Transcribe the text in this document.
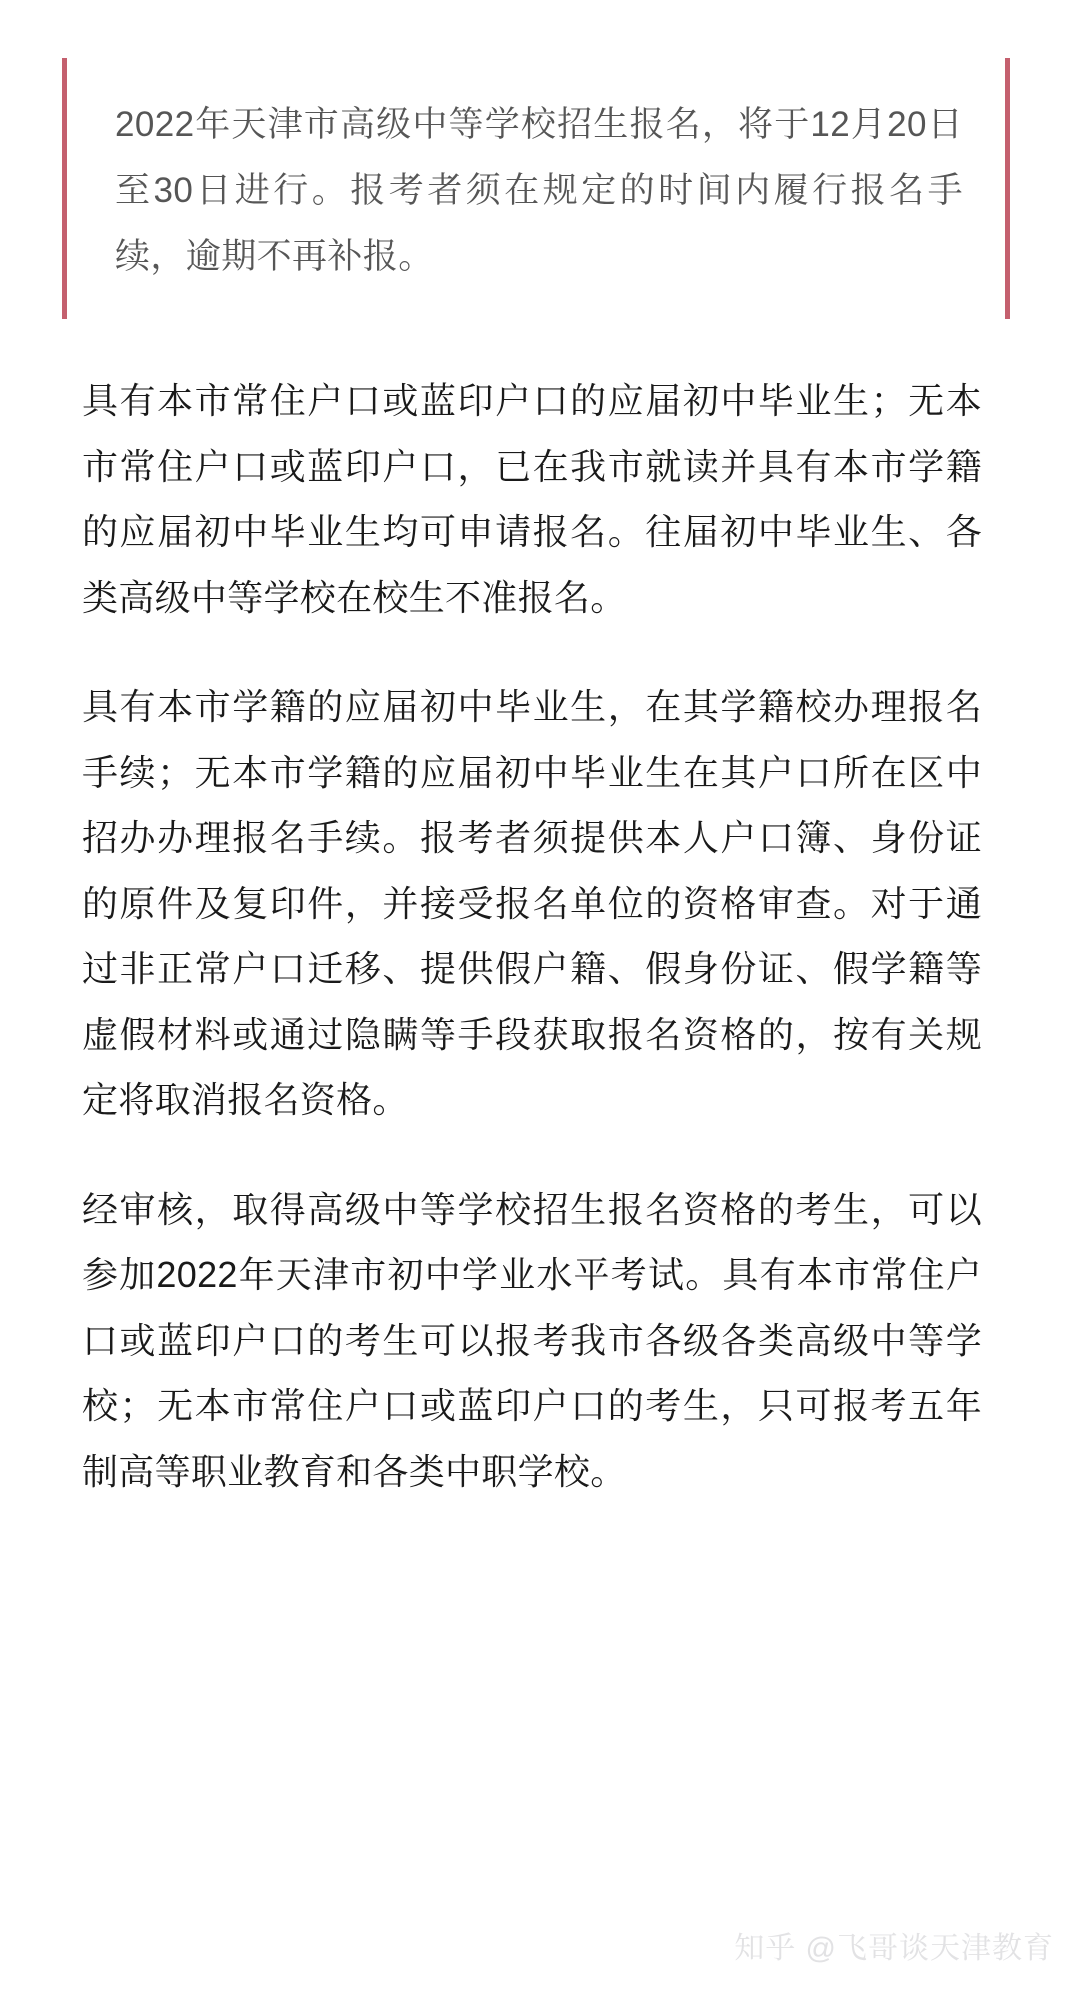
2022年天津市高级中等学校招生报名，将于12月20日至30日进行。报考者须在规定的时间内履行报名手续，逾期不再补报。

具有本市常住户口或蓝印户口的应届初中毕业生；无本市常住户口或蓝印户口，已在我市就读并具有本市学籍的应届初中毕业生均可申请报名。往届初中毕业生、各类高级中等学校在校生不准报名。

具有本市学籍的应届初中毕业生，在其学籍校办理报名手续；无本市学籍的应届初中毕业生在其户口所在区中招办办理报名手续。报考者须提供本人户口簿、身份证的原件及复印件，并接受报名单位的资格审查。对于通过非正常户口迁移、提供假户籍、假身份证、假学籍等虚假材料或通过隐瞒等手段获取报名资格的，按有关规定将取消报名资格。

经审核，取得高级中等学校招生报名资格的考生，可以参加2022年天津市初中学业水平考试。具有本市常住户口或蓝印户口的考生可以报考我市各级各类高级中等学校；无本市常住户口或蓝印户口的考生，只可报考五年制高等职业教育和各类中职学校。

知乎 @飞哥谈天津教育
